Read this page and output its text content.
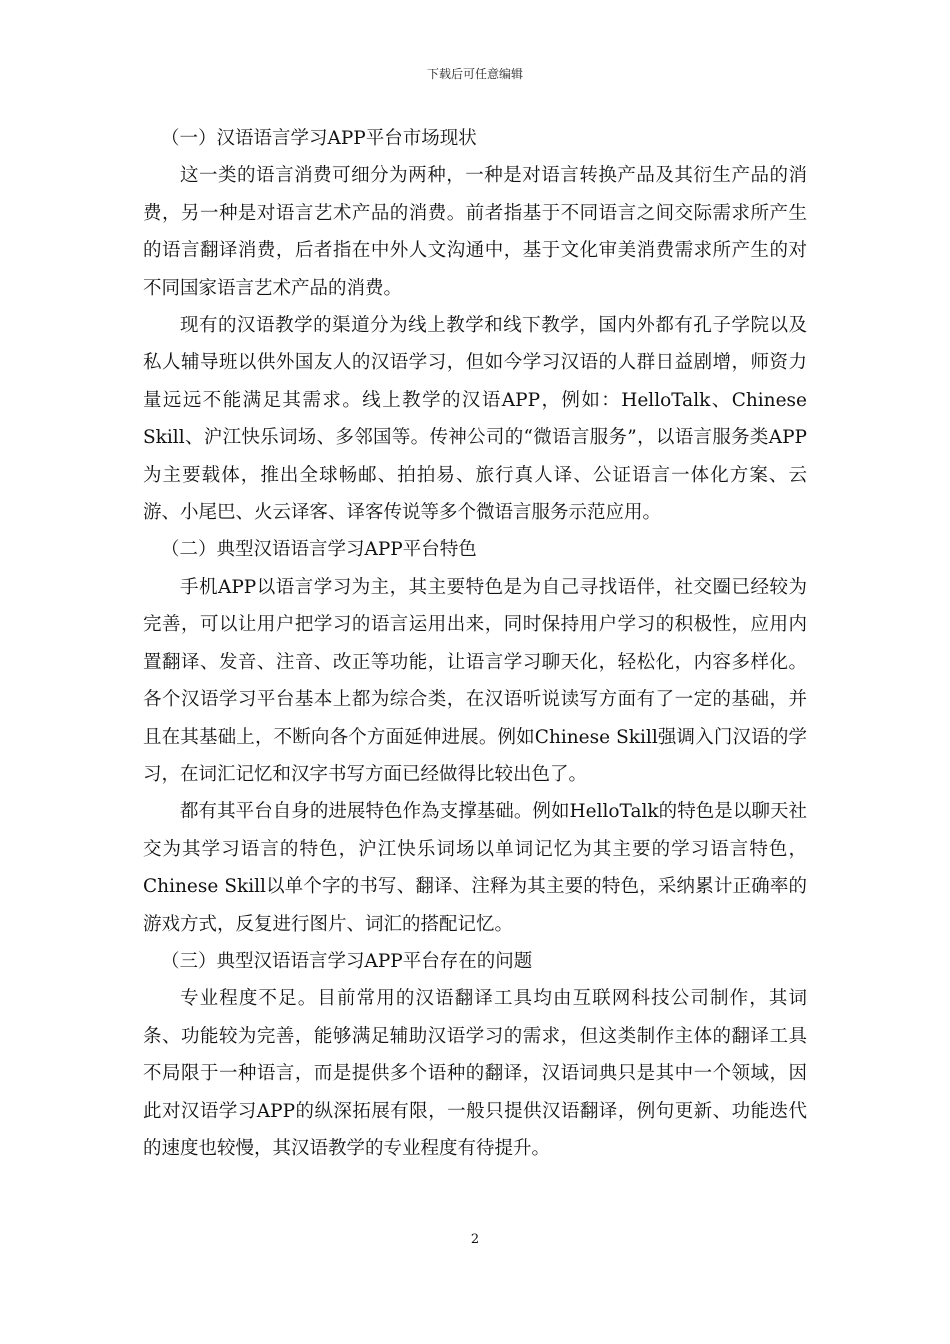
下载后可任意编辑

（一）汉语语言学习APP平台市场现状

这一类的语言消费可细分为两种，一种是对语言转换产品及其衍生产品的消费，另一种是对语言艺术产品的消费。前者指基于不同语言之间交际需求所产生的语言翻译消费，后者指在中外人文沟通中，基于文化审美消费需求所产生的对不同国家语言艺术产品的消费。

现有的汉语教学的渠道分为线上教学和线下教学，国内外都有孔子学院以及私人辅导班以供外国友人的汉语学习，但如今学习汉语的人群日益剧增，师资力量远远不能满足其需求。线上教学的汉语APP，例如：HelloTalk、Chinese Skill、沪江快乐词场、多邻国等。传神公司的“微语言服务”，以语言服务类APP为主要载体，推出全球畅邮、拍拍易、旅行真人译、公证语言一体化方案、云游、小尾巴、火云译客、译客传说等多个微语言服务示范应用。

（二）典型汉语语言学习APP平台特色

手机APP以语言学习为主，其主要特色是为自己寻找语伴，社交圈已经较为完善，可以让用户把学习的语言运用出来，同时保持用户学习的积极性，应用内置翻译、发音、注音、改正等功能，让语言学习聊天化，轻松化，内容多样化。各个汉语学习平台基本上都为综合类，在汉语听说读写方面有了一定的基础，并且在其基础上，不断向各个方面延伸进展。例如Chinese Skill强调入门汉语的学习，在词汇记忆和汉字书写方面已经做得比较出色了。

都有其平台自身的进展特色作為支撑基础。例如HelloTalk的特色是以聊天社交为其学习语言的特色，沪江快乐词场以单词记忆为其主要的学习语言特色，Chinese Skill以单个字的书写、翻译、注释为其主要的特色，采纳累计正确率的游戏方式，反复进行图片、词汇的搭配记忆。

（三）典型汉语语言学习APP平台存在的问题

专业程度不足。目前常用的汉语翻译工具均由互联网科技公司制作，其词条、功能较为完善，能够满足辅助汉语学习的需求，但这类制作主体的翻译工具不局限于一种语言，而是提供多个语种的翻译，汉语词典只是其中一个领域，因此对汉语学习APP的纵深拓展有限，一般只提供汉语翻译，例句更新、功能迭代的速度也较慢，其汉语教学的专业程度有待提升。

2
